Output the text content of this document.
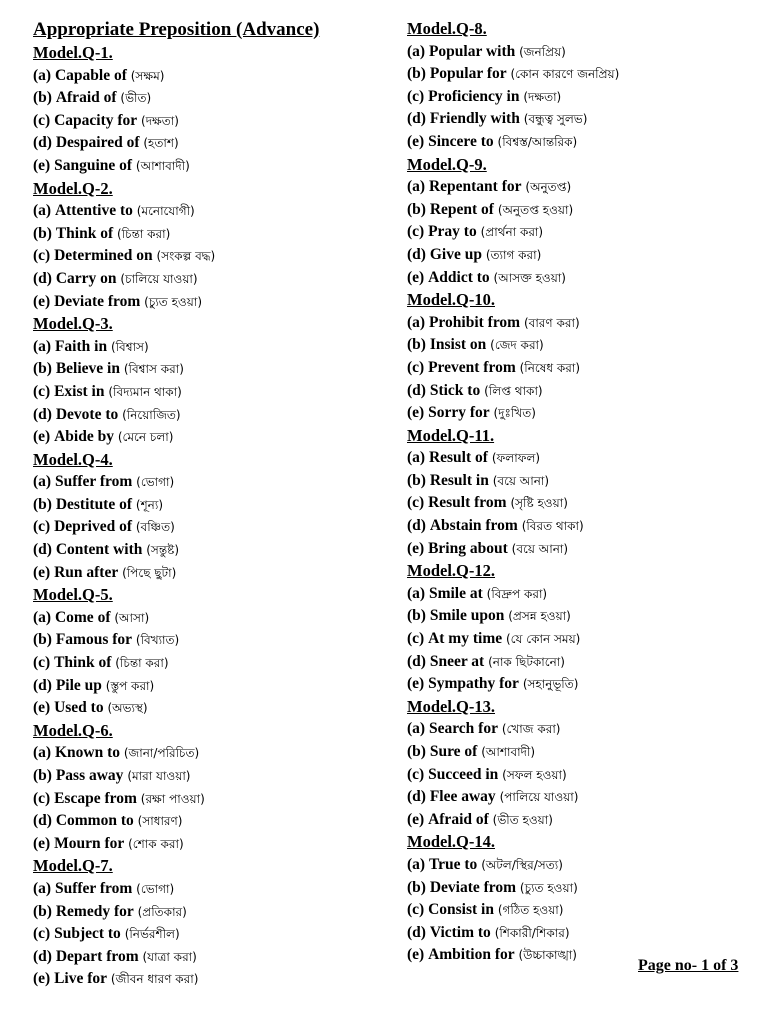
Appropriate Preposition (Advance)
Model.Q-1.
(a) Capable of (সক্ষম)
(b) Afraid of (ভীত)
(c) Capacity for (দক্ষতা)
(d) Despaired of (হতাশ)
(e) Sanguine of (আশাবাদী)
Model.Q-2.
(a) Attentive to (মনোযোগী)
(b) Think of (চিন্তা করা)
(c) Determined on (সংকল্প বদ্ধ)
(d) Carry on (চালিয়ে যাওয়া)
(e) Deviate from (চ্যুত হওয়া)
Model.Q-3.
(a) Faith in (বিশ্বাস)
(b) Believe in (বিশ্বাস করা)
(c) Exist in (বিদ্যমান থাকা)
(d) Devote to (নিয়োজিত)
(e) Abide by (মেনে চলা)
Model.Q-4.
(a) Suffer from (ভোগা)
(b) Destitute of (শূন্য)
(c) Deprived of (বঞ্চিত)
(d) Content with (সন্তুষ্ট)
(e) Run after (পিছে ছুটা)
Model.Q-5.
(a) Come of (আসা)
(b) Famous for (বিখ্যাত)
(c) Think of (চিন্তা করা)
(d) Pile up (স্তুপ করা)
(e) Used to (অভ্যস্থ)
Model.Q-6.
(a) Known to (জানা/পরিচিত)
(b) Pass away (মারা যাওয়া)
(c) Escape from (রক্ষা পাওয়া)
(d) Common to (সাধারণ)
(e) Mourn for (শোক করা)
Model.Q-7.
(a) Suffer from (ভোগা)
(b) Remedy for (প্রতিকার)
(c) Subject to (নির্ভরশীল)
(d) Depart from (যাত্রা করা)
(e) Live for (জীবন ধারণ করা)
Model.Q-8.
(a) Popular with (জনপ্রিয়)
(b) Popular for (কোন কারণে জনপ্রিয়)
(c) Proficiency in (দক্ষতা)
(d) Friendly with (বন্ধুত্ব সুলভ)
(e) Sincere to (বিশ্বস্ত/আন্তরিক)
Model.Q-9.
(a) Repentant for (অনুতপ্ত)
(b) Repent of (অনুতপ্ত হওয়া)
(c) Pray to (প্রার্থনা করা)
(d) Give up (ত্যাগ করা)
(e) Addict to (আসক্ত হওয়া)
Model.Q-10.
(a) Prohibit from (বারণ করা)
(b) Insist on (জেদ করা)
(c) Prevent from (নিষেধ করা)
(d) Stick to (লিপ্ত থাকা)
(e) Sorry for (দুঃখিত)
Model.Q-11.
(a) Result of (ফলাফল)
(b) Result in (বয়ে আনা)
(c) Result from (সৃষ্টি হওয়া)
(d) Abstain from (বিরত থাকা)
(e) Bring about (বয়ে আনা)
Model.Q-12.
(a) Smile at (বিদ্রুপ করা)
(b) Smile upon (প্রসন্ন হওয়া)
(c) At my time (যে কোন সময়)
(d) Sneer at (নাক ছিটকানো)
(e) Sympathy for (সহানুভূতি)
Model.Q-13.
(a) Search for (খোজ করা)
(b) Sure of (আশাবাদী)
(c) Succeed in (সফল হওয়া)
(d) Flee away (পালিয়ে যাওয়া)
(e) Afraid of (ভীত হওয়া)
Model.Q-14.
(a) True to (অটল/স্থির/সত্য)
(b) Deviate from (চ্যুত হওয়া)
(c) Consist in (গঠিত হওয়া)
(d) Victim to (শিকারী/শিকার)
(e) Ambition for (উচ্চাকাঙ্খা)
Page no- 1 of 3
